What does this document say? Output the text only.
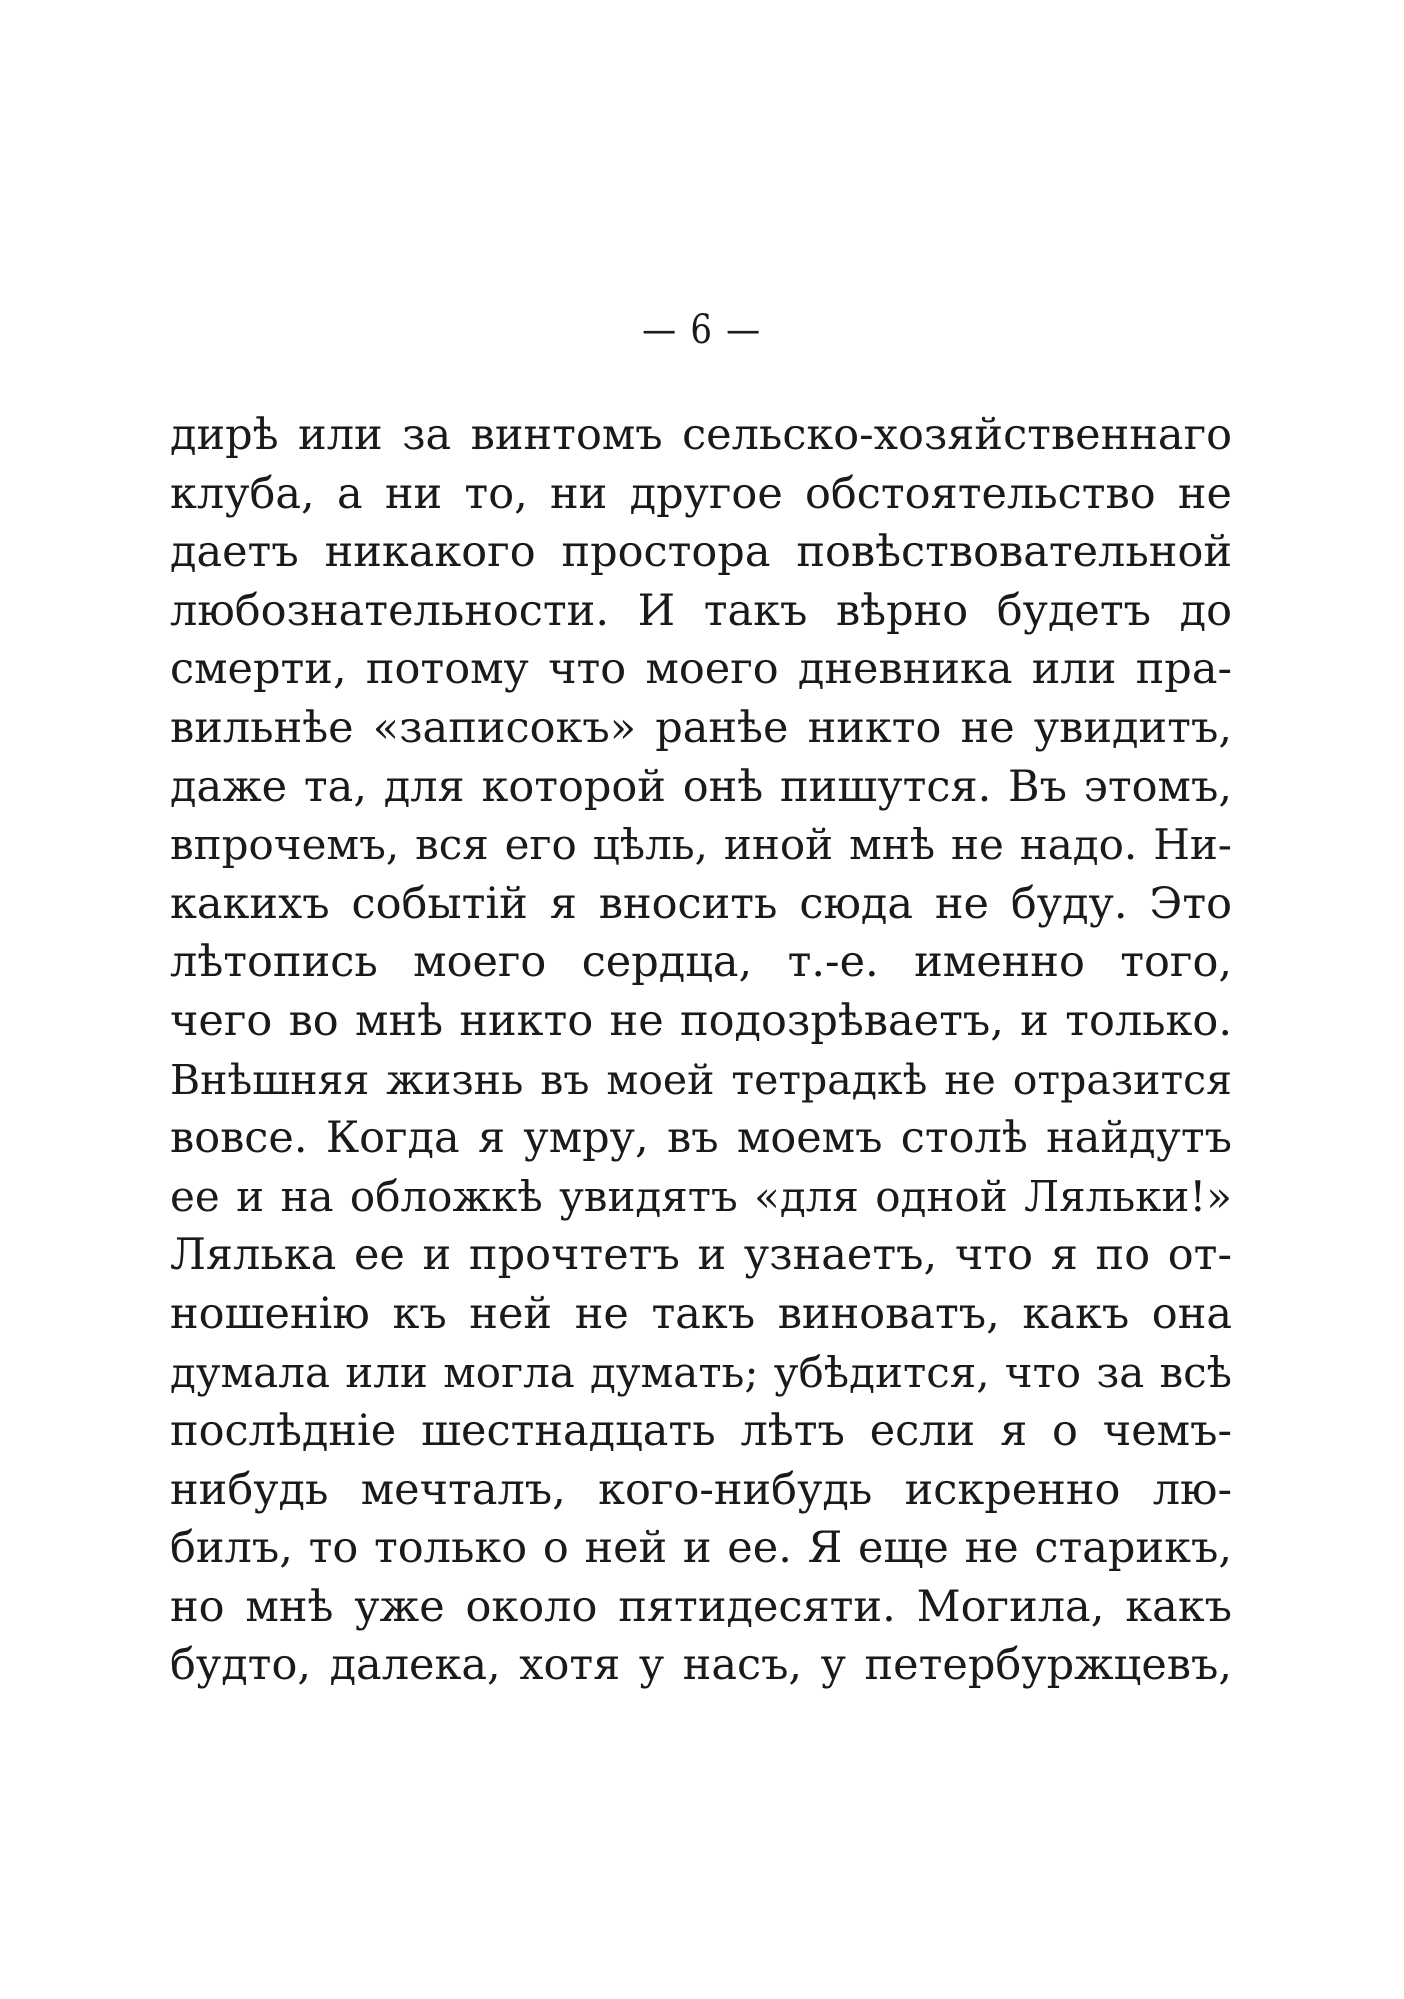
— 6 —
дирѣ или за винтомъ сельско-хозяйственнаго
клуба, а ни то, ни другое обстоятельство не
даетъ никакого простора повѣствовательной
любознательности. И такъ вѣрно будетъ до
смерти, потому что моего дневника или пра-
вильнѣе «записокъ» ранѣе никто не увидитъ,
даже та, для которой онѣ пишутся. Въ этомъ,
впрочемъ, вся его цѣль, иной мнѣ не надо. Ни-
какихъ событій я вносить сюда не буду. Это
лѣтопись моего сердца, т.-е. именно того,
чего во мнѣ никто не подозрѣваетъ, и только.
Внѣшняя жизнь въ моей тетрадкѣ не отразится
вовсе. Когда я умру, въ моемъ столѣ найдутъ
ее и на обложкѣ увидятъ «для одной Ляльки!»
Лялька ее и прочтетъ и узнаетъ, что я по от-
ношенію къ ней не такъ виноватъ, какъ она
думала или могла думать; убѣдится, что за всѣ
послѣдніе шестнадцать лѣтъ если я о чемъ-
нибудь мечталъ, кого-нибудь искренно лю-
билъ, то только о ней и ее. Я еще не старикъ,
но мнѣ уже около пятидесяти. Могила, какъ
будто, далека, хотя у насъ, у петербуржцевъ,
